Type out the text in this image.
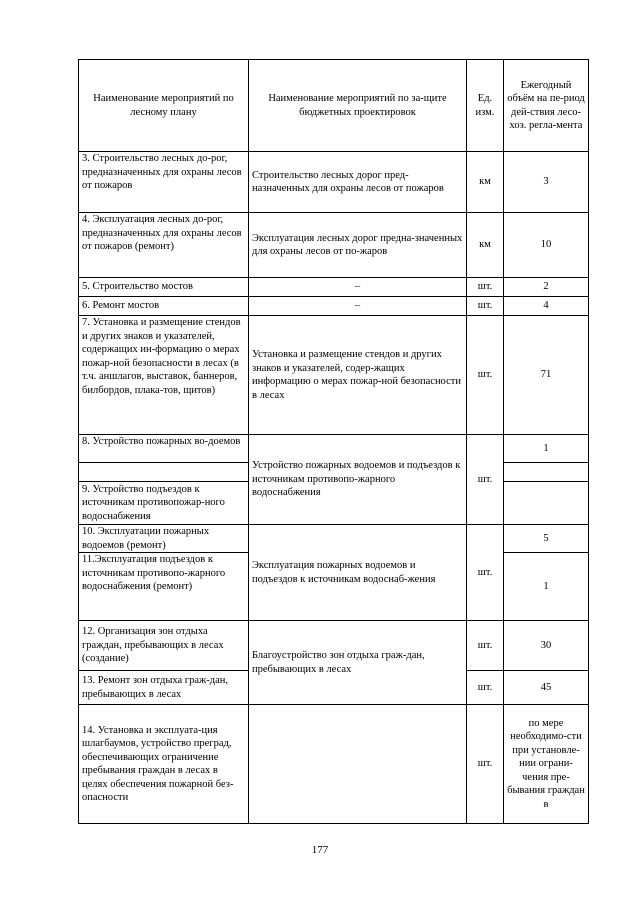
Наименование мероприятий по лесному плану	Наименование мероприятий по за-щите бюджетных проектировок	Ед. изм.	Ежегодный объём на пе-риод дей-ствия лесо-хоз. регла-мента
3. Строительство лесных до-рог, предназначенных для охраны лесов от пожаров	Строительство лесных дорог пред-назначенных для охраны лесов от пожаров	км	3
4. Эксплуатация лесных до-рог, предназначенных для охраны лесов от пожаров (ремонт)	Эксплуатация лесных дорог предна-значенных для охраны лесов от по-жаров	км	10
5. Строительство мостов	–	шт.	2
6. Ремонт мостов	–	шт.	4
7. Установка и размещение стендов и других знаков и указателей, содержащих ин-формацию о мерах пожар-ной безопасности в лесах (в т.ч. аншлагов, выставок, баннеров, билбордов, плака-тов, щитов)	Установка и размещение стендов и других знаков и указателей, содер-жащих информацию о мерах пожар-ной безопасности в лесах	шт.	71
8. Устройство пожарных во-доемов	Устройство пожарных водоемов и подъездов к источникам противопо-жарного водоснабжения	шт.	1

9. Устройство подъездов к источникам противопожар-ного водоснабжения			
10. Эксплуатации пожарных водоемов (ремонт)	Эксплуатация пожарных водоемов и подъездов к источникам водоснаб-жения	шт.	5
11.Эксплуатация подъездов к источникам противопо-жарного водоснабжения (ремонт)			1
12. Организация зон отдыха граждан, пребывающих в лесах (создание)	Благоустройство зон отдыха граж-дан, пребывающих в лесах	шт.	30
13. Ремонт зон отдыха граж-дан, пребывающих в лесах		шт.	45
14. Установка и эксплуата-ция шлагбаумов, устройство преград, обеспечивающих ограничение пребывания граждан в лесах в целях обеспечения пожарной без-опасности		шт.	по мере необходимо-сти при установле-нии ограни-чения пре-бывания граждан в
177
